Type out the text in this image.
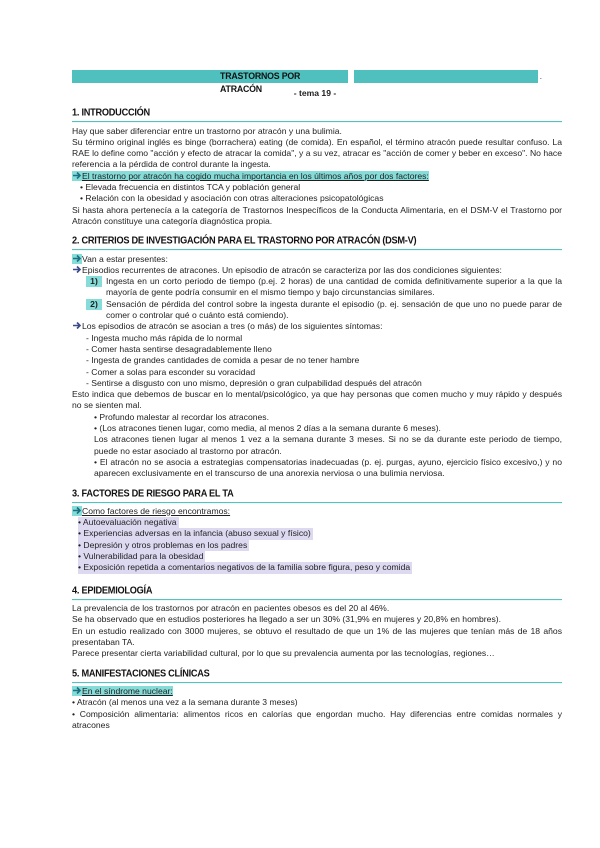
TRASTORNOS POR ATRACÓN
.
- tema 19 -
1. INTRODUCCIÓN

Hay que saber diferenciar entre un trastorno por atracón y una bulimia.

Su término original inglés es binge (borrachera) eating (de comida). En español, el término atracón puede resultar confuso. La RAE lo define como "acción y efecto de atracar la comida", y a su vez, atracar es "acción de comer y beber en exceso". No hace referencia a la pérdida de control durante la ingesta.

El trastorno por atracón ha cogido mucha importancia en los últimos años por dos factores:

• Elevada frecuencia en distintos TCA y población general
• Relación con la obesidad y asociación con otras alteraciones psicopatológicas

Si hasta ahora pertenecía a la categoría de Trastornos Inespecíficos de la Conducta Alimentaria, en el DSM-V el Trastorno por Atracón constituye una categoría diagnóstica propia.

2. CRITERIOS DE INVESTIGACIÓN PARA EL TRASTORNO POR ATRACÓN (DSM-V)

Van a estar presentes:

Episodios recurrentes de atracones. Un episodio de atracón se caracteriza por las dos condiciones siguientes:

1) Ingesta en un corto periodo de tiempo (p.ej. 2 horas) de una cantidad de comida definitivamente superior a la que la mayoría de gente podría consumir en el mismo tiempo y bajo circunstancias similares.
2) Sensación de pérdida del control sobre la ingesta durante el episodio (p. ej. sensación de que uno no puede parar de comer o controlar qué o cuánto está comiendo).

Los episodios de atracón se asocian a tres (o más) de los siguientes síntomas:

- Ingesta mucho más rápida de lo normal
- Comer hasta sentirse desagradablemente lleno
- Ingesta de grandes cantidades de comida a pesar de no tener hambre
- Comer a solas para esconder su voracidad
- Sentirse a disgusto con uno mismo, depresión o gran culpabilidad después del atracón

Esto indica que debemos de buscar en lo mental/psicológico, ya que hay personas que comen mucho y muy rápido y después no se sienten mal.

• Profundo malestar al recordar los atracones.
• (Los atracones tienen lugar, como media, al menos 2 días a la semana durante 6 meses).

Los atracones tienen lugar al menos 1 vez a la semana durante 3 meses. Si no se da durante este periodo de tiempo, puede no estar asociado al trastorno por atracón.

• El atracón no se asocia a estrategias compensatorias inadecuadas (p. ej. purgas, ayuno, ejercicio físico excesivo,) y no aparecen exclusivamente en el transcurso de una anorexia nerviosa o una bulimia nerviosa.

3. FACTORES DE RIESGO PARA EL TA

Como factores de riesgo encontramos:

• Autoevaluación negativa
• Experiencias adversas en la infancia (abuso sexual y físico)
• Depresión y otros problemas en los padres
• Vulnerabilidad para la obesidad
• Exposición repetida a comentarios negativos de la familia sobre figura, peso y comida
4. EPIDEMIOLOGÍA

La prevalencia de los trastornos por atracón en pacientes obesos es del 20 al 46%.

Se ha observado que en estudios posteriores ha llegado a ser un 30% (31,9% en mujeres y 20,8% en hombres).

En un estudio realizado con 3000 mujeres, se obtuvo el resultado de que un 1% de las mujeres que tenían más de 18 años presentaban TA.

Parece presentar cierta variabilidad cultural, por lo que su prevalencia aumenta por las tecnologías, regiones…

5. MANIFESTACIONES CLÍNICAS

En el síndrome nuclear:

• Atracón (al menos una vez a la semana durante 3 meses)

• Composición alimentaria: alimentos ricos en calorías que engordan mucho. Hay diferencias entre comidas normales y atracones
